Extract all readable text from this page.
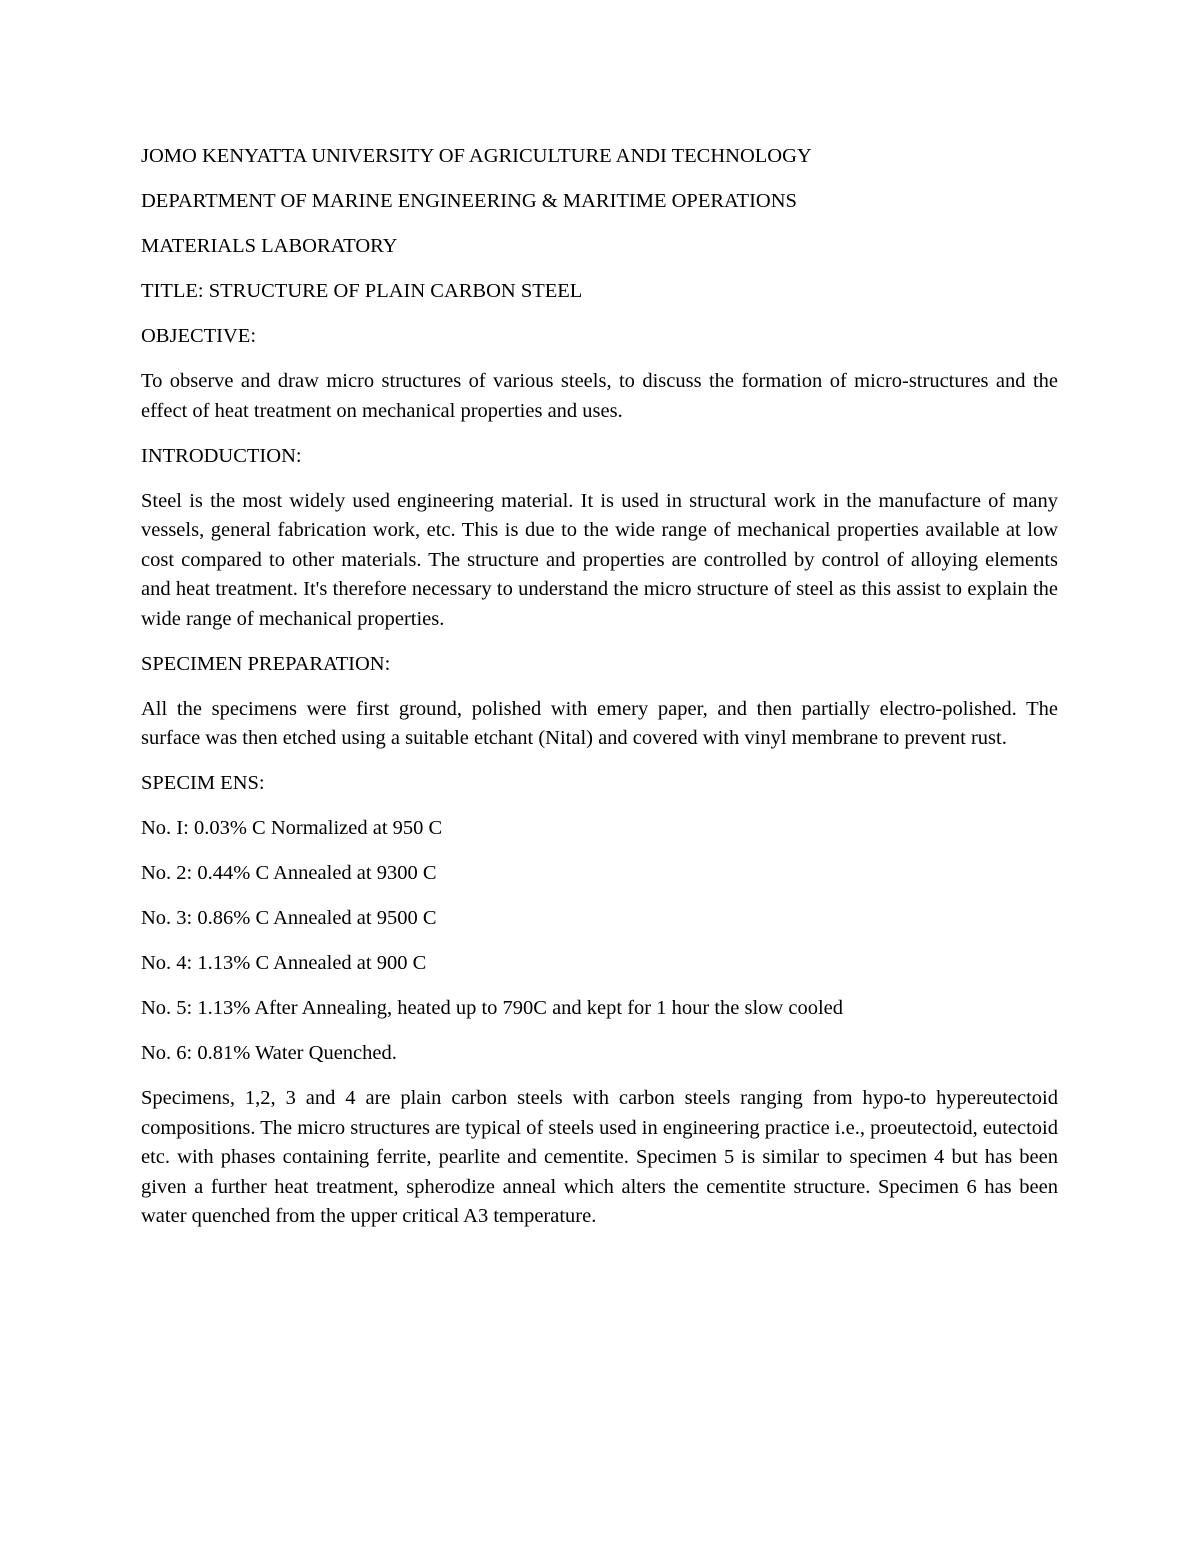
JOMO KENYATTA UNIVERSITY OF AGRICULTURE ANDI TECHNOLOGY

DEPARTMENT OF MARINE ENGINEERING & MARITIME OPERATIONS

MATERIALS LABORATORY

TITLE: STRUCTURE OF PLAIN CARBON STEEL

OBJECTIVE:

To observe and draw micro structures of various steels, to discuss the formation of micro-structures and the effect of heat treatment on mechanical properties and uses.

INTRODUCTION:

Steel is the most widely used engineering material. It is used in structural work in the manufacture of many vessels, general fabrication work, etc. This is due to the wide range of mechanical properties available at low cost compared to other materials. The structure and properties are controlled by control of alloying elements and heat treatment. It's therefore necessary to understand the micro structure of steel as this assist to explain the wide range of mechanical properties.

SPECIMEN PREPARATION:

All the specimens were first ground, polished with emery paper, and then partially electro-polished. The surface was then etched using a suitable etchant (Nital) and covered with vinyl membrane to prevent rust.

SPECIM ENS:

No. I: 0.03% C Normalized at 950 C

No. 2: 0.44% C Annealed at 9300 C

No. 3: 0.86% C Annealed at 9500 C

No. 4: 1.13% C Annealed at 900 C

No. 5: 1.13% After Annealing, heated up to 790C and kept for 1 hour the slow cooled

No. 6: 0.81% Water Quenched.

Specimens, 1,2, 3 and 4 are plain carbon steels with carbon steels ranging from hypo-to hypereutectoid compositions. The micro structures are typical of steels used in engineering practice i.e., proeutectoid, eutectoid etc. with phases containing ferrite, pearlite and cementite. Specimen 5 is similar to specimen 4 but has been given a further heat treatment, spherodize anneal which alters the cementite structure. Specimen 6 has been water quenched from the upper critical A3 temperature.
